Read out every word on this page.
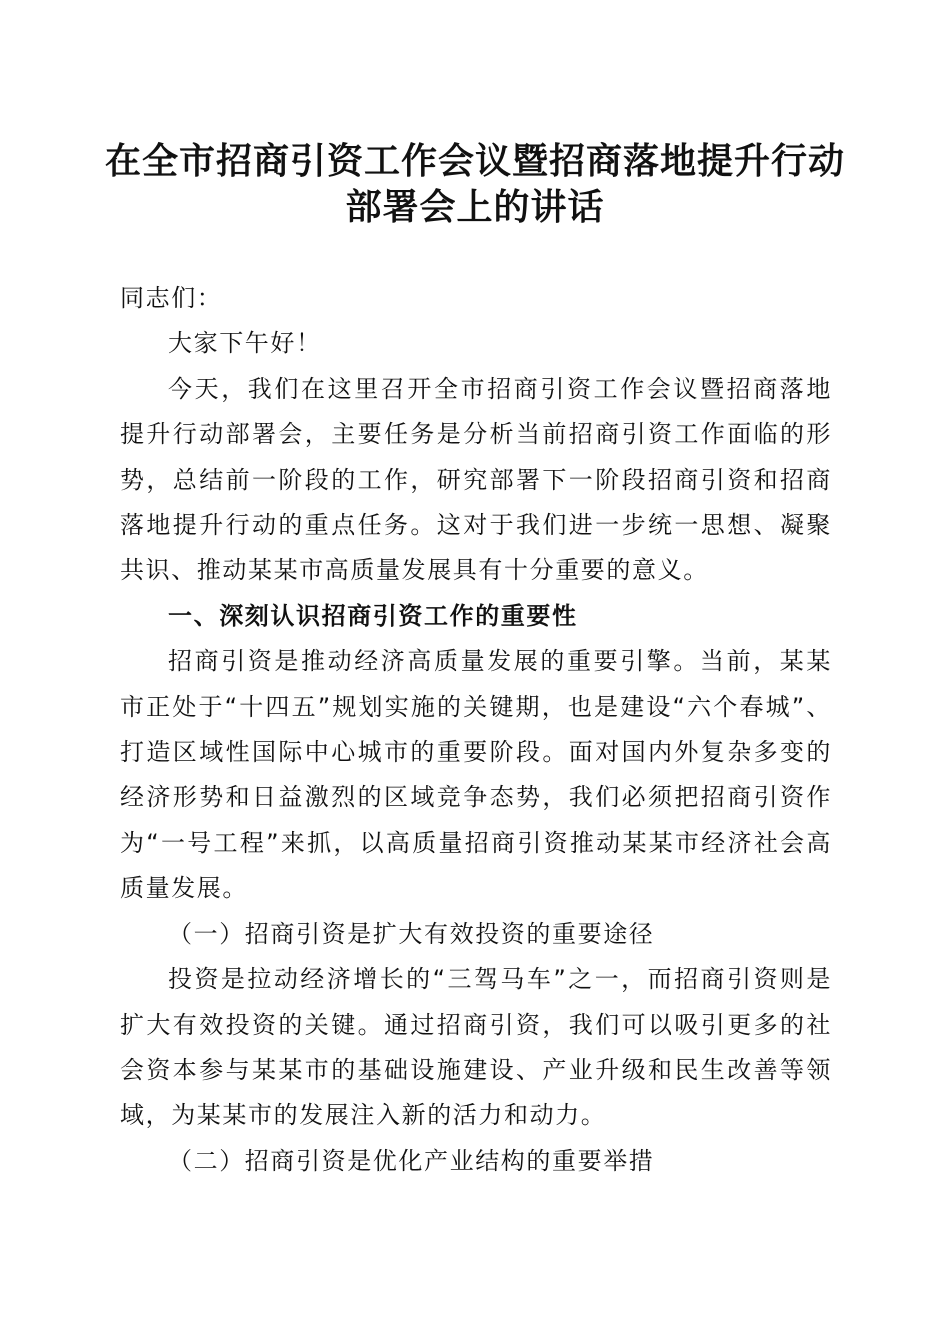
在全市招商引资工作会议暨招商落地提升行动
部署会上的讲话

同志们：

大家下午好！

今天，我们在这里召开全市招商引资工作会议暨招商落地提升行动部署会，主要任务是分析当前招商引资工作面临的形势，总结前一阶段的工作，研究部署下一阶段招商引资和招商落地提升行动的重点任务。这对于我们进一步统一思想、凝聚共识、推动某某市高质量发展具有十分重要的意义。

一、深刻认识招商引资工作的重要性

招商引资是推动经济高质量发展的重要引擎。当前，某某市正处于“十四五”规划实施的关键期，也是建设“六个春城”、打造区域性国际中心城市的重要阶段。面对国内外复杂多变的经济形势和日益激烈的区域竞争态势，我们必须把招商引资作为“一号工程”来抓，以高质量招商引资推动某某市经济社会高质量发展。

（一）招商引资是扩大有效投资的重要途径

投资是拉动经济增长的“三驾马车”之一，而招商引资则是扩大有效投资的关键。通过招商引资，我们可以吸引更多的社会资本参与某某市的基础设施建设、产业升级和民生改善等领域，为某某市的发展注入新的活力和动力。

（二）招商引资是优化产业结构的重要举措
